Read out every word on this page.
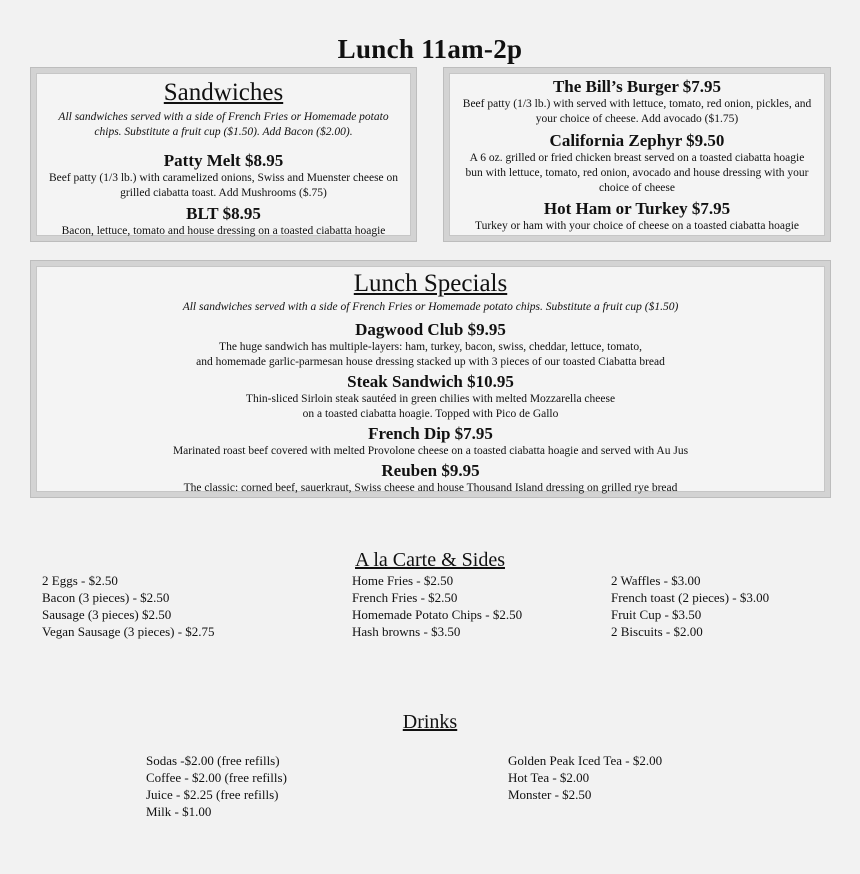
Lunch 11am-2p
Sandwiches
All sandwiches served with a side of French Fries or Homemade potato chips. Substitute a fruit cup ($1.50). Add Bacon ($2.00).
Patty Melt $8.95
Beef patty (1/3 lb.) with caramelized onions, Swiss and Muenster cheese on grilled ciabatta toast. Add Mushrooms ($.75)
BLT $8.95
Bacon, lettuce, tomato and house dressing on a toasted ciabatta hoagie
The Bill’s Burger $7.95
Beef patty (1/3 lb.) with served with lettuce, tomato, red onion, pickles, and your choice of cheese. Add avocado ($1.75)
California Zephyr $9.50
A 6 oz. grilled or fried chicken breast served on a toasted ciabatta hoagie bun with lettuce, tomato, red onion, avocado and house dressing with your choice of cheese
Hot Ham or Turkey $7.95
Turkey or ham with your choice of cheese on a toasted ciabatta hoagie
Lunch Specials
All sandwiches served with a side of French Fries or Homemade potato chips. Substitute a fruit cup ($1.50)
Dagwood Club $9.95
The huge sandwich has multiple-layers: ham, turkey, bacon, swiss, cheddar, lettuce, tomato,
and homemade garlic-parmesan house dressing stacked up with 3 pieces of our toasted Ciabatta bread
Steak Sandwich $10.95
Thin-sliced Sirloin steak sautéed in green chilies with melted Mozzarella cheese
on a toasted ciabatta hoagie. Topped with Pico de Gallo
French Dip $7.95
Marinated roast beef covered with melted Provolone cheese on a toasted ciabatta hoagie and served with Au Jus
Reuben $9.95
The classic: corned beef, sauerkraut, Swiss cheese and house Thousand Island dressing on grilled rye bread
A la Carte & Sides
2 Eggs - $2.50
Bacon (3 pieces) - $2.50
Sausage (3 pieces) $2.50
Vegan Sausage (3 pieces) - $2.75
Home Fries - $2.50
French Fries - $2.50
Homemade Potato Chips - $2.50
Hash browns - $3.50
2 Waffles - $3.00
French toast (2 pieces) - $3.00
Fruit Cup - $3.50
2 Biscuits - $2.00
Drinks
Sodas -$2.00 (free refills)
Coffee - $2.00 (free refills)
Juice - $2.25 (free refills)
Milk - $1.00
Golden Peak Iced Tea - $2.00
Hot Tea - $2.00
Monster - $2.50
